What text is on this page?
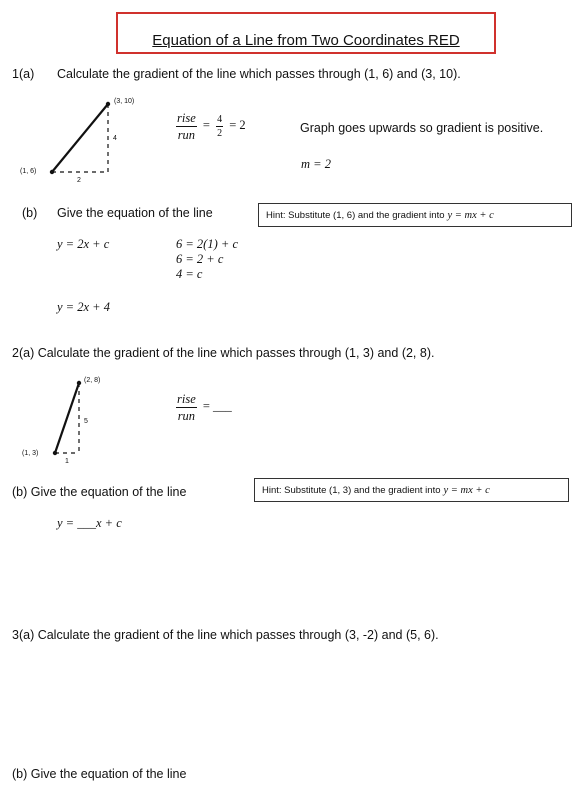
Equation of a Line from Two Coordinates RED
1(a) Calculate the gradient of the line which passes through (1, 6) and (3, 10).
(3, 10)
(1, 6)
4
2
$\frac{\text{rise}}{\text{run}} = \frac{4}{2} = 2$	Graph goes upwards so gradient is positive.
m = 2
(b) Give the equation of the line	Hint: Substitute (1, 6) and the gradient into y = mx + c
y = 2x + c	6 = 2(1) + c
6 = 2 + c
4 = c
y = 2x + 4
2(a) Calculate the gradient of the line which passes through (1, 3) and (2, 8).
(2, 8)
(1, 3)
5
1
$\frac{\text{rise}}{\text{run}}$ = ___
(b) Give the equation of the line	Hint: Substitute (1, 3) and the gradient into y = mx + c
y = ___x + c
3(a) Calculate the gradient of the line which passes through (3, -2) and (5, 6).
(b) Give the equation of the line
